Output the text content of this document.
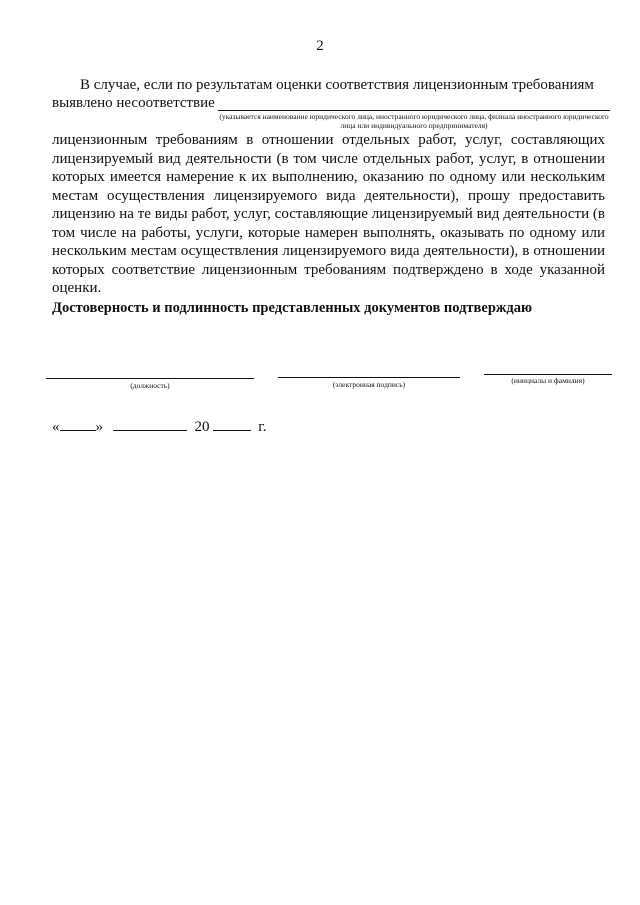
2
В случае, если по результатам оценки соответствия лицензионным требованиям
выявлено несоответствие
(указывается наименование юридического лица, иностранного юридического лица, филиала иностранного юридического лица или индивидуального предпринимателя)
лицензионным требованиям в отношении отдельных работ, услуг, составляющих лицензируемый вид деятельности (в том числе отдельных работ, услуг, в отношении которых имеется намерение к их выполнению, оказанию по одному или нескольким местам осуществления лицензируемого вида деятельности), прошу предоставить лицензию на те виды работ, услуг, составляющие лицензируемый вид деятельности (в том числе на работы, услуги, которые намерен выполнять, оказывать по одному или нескольким местам осуществления лицензируемого вида деятельности), в отношении которых соответствие лицензионным требованиям подтверждено в ходе указанной оценки.
Достоверность и подлинность представленных документов подтверждаю
(должность)	(электронная подпись)	(инициалы и фамилия)
« »	20	г.
